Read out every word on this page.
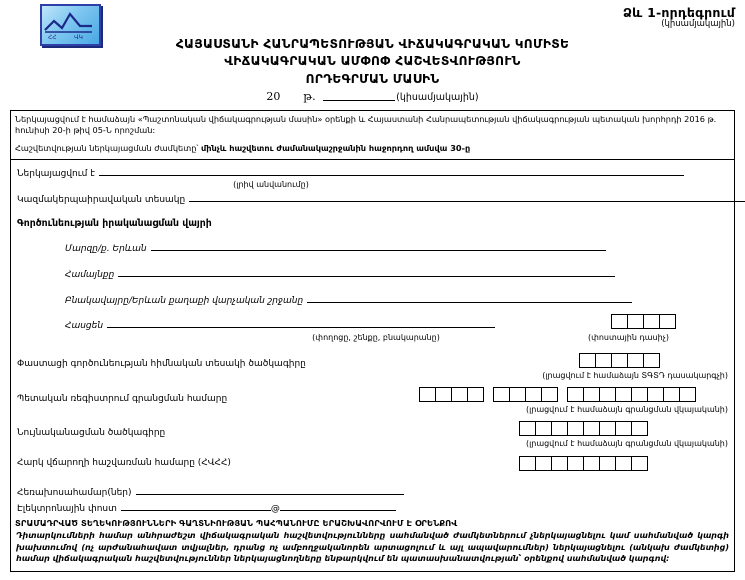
ՀՀ	ՎԿ
Ձև 1-որդեգրում
(կիսամյակային)
ՀԱՅԱՍՏԱՆԻ ՀԱՆՐԱՊԵՏՈՒԹՅԱՆ ՎԻՃԱԿԱԳՐԱԿԱՆ ԿՈՄԻՏԵ
ՎԻՃԱԿԱԳՐԱԿԱՆ ԱՄՓՈՓ ՀԱՇՎԵՏՎՈՒԹՅՈՒՆ
ՈՐԴԵԳՐՄԱՆ ՄԱՍԻՆ
20 թ.	(կիսամյակային)

Ներկայացվում է համաձայն «Պաշտոնական վիճակագրության մասին» օրենքի և Հայաստանի Հանրապետության վիճակագրության պետական խորհրդի 2016 թ. հունիսի 20-ի թիվ 05-Ն որոշման:

Հաշվետվության ներկայացման ժամկետը՝ մինչև հաշվետու ժամանակաշրջանին հաջորդող ամսվա 30-ը
Ներկայացվում է
(լրիվ անվանումը)
Կազմակերպաիրավական տեսակը
Գործունեության իրականացման վայրի
Մարզը/ք. Երևան
Համայնքը
Բնակավայրը/Երևան քաղաքի վարչական շրջանը
Հասցեն
(փողոցը, շենքը, բնակարանը)	(փոստային դասիչ)
Փաստացի գործունեության հիմնական տեսակի ծածկագիրը
(լրացվում է համաձայն ՏԳՏԴ դասակարգչի)
Պետական ռեգիստրում գրանցման համարը
(լրացվում է համաձայն գրանցման վկայականի)
Նույնականացման ծածկագիրը
(լրացվում է համաձայն գրանցման վկայականի)
Հարկ վճարողի հաշվառման համարը (ՀՎՀՀ)
Հեռախոսահամար(ներ)
Էլեկտրոնային փոստ	@
ՏՐԱՄԱԴՐՎԱԾ ՏԵՂԵԿՈՒԹՅՈՒՆՆԵՐԻ ԳԱՂՏՆԻՈՒԹՅԱՆ ՊԱՀՊԱՆՈՒՄԸ ԵՐԱՇԽԱՎՈՐՎՈՒՄ Է ՕՐԵՆՔՈՎ
Դիտարկումների համար անհրաժեշտ վիճակագրական հաշվետվությունները սահմանված ժամկետներում չներկայացնելու կամ սահմանված կարգի խախտումով (ոչ արժանահավատ տվյալներ, դրանց ոչ ամբողջականորեն արտացոլում և այլ ապավարումներ) ներկայացնելու (անկախ ժամկետից) համար վիճակագրական հաշվետվություններ ներկայացնողները ենթարկվում են պատասխանատվության՝ օրենքով սահմանված կարգով:
